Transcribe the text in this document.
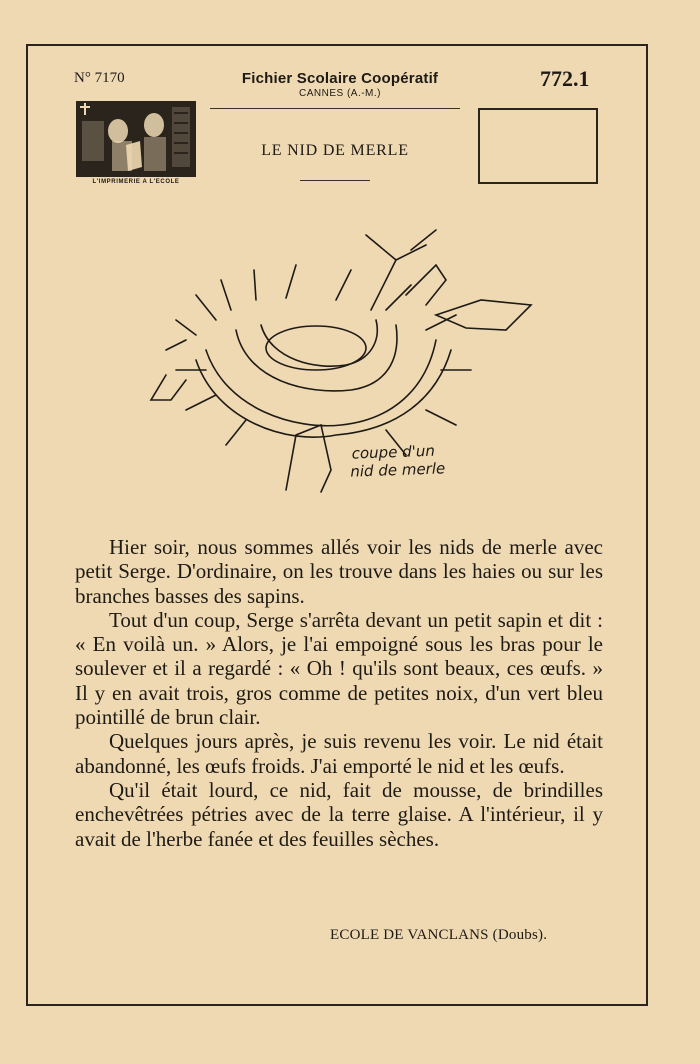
N° 7170	Fichier Scolaire Coopératif
CANNES (A.-M.)
772.1
L'IMPRIMERIE A L'ECOLE
LE NID DE MERLE
coupe d'un
nid de merle

Hier soir, nous sommes allés voir les nids de merle avec petit Serge. D'ordinaire, on les trouve dans les haies ou sur les branches basses des sapins.

Tout d'un coup, Serge s'arrêta devant un petit sapin et dit : « En voilà un. » Alors, je l'ai empoigné sous les bras pour le soulever et il a regardé : « Oh ! qu'ils sont beaux, ces œufs. » Il y en avait trois, gros comme de petites noix, d'un vert bleu pointillé de brun clair.

Quelques jours après, je suis revenu les voir. Le nid était abandonné, les œufs froids. J'ai emporté le nid et les œufs.

Qu'il était lourd, ce nid, fait de mousse, de brindilles enchevêtrées pétries avec de la terre glaise. A l'intérieur, il y avait de l'herbe fanée et des feuilles sèches.

ECOLE DE VANCLANS (Doubs).
